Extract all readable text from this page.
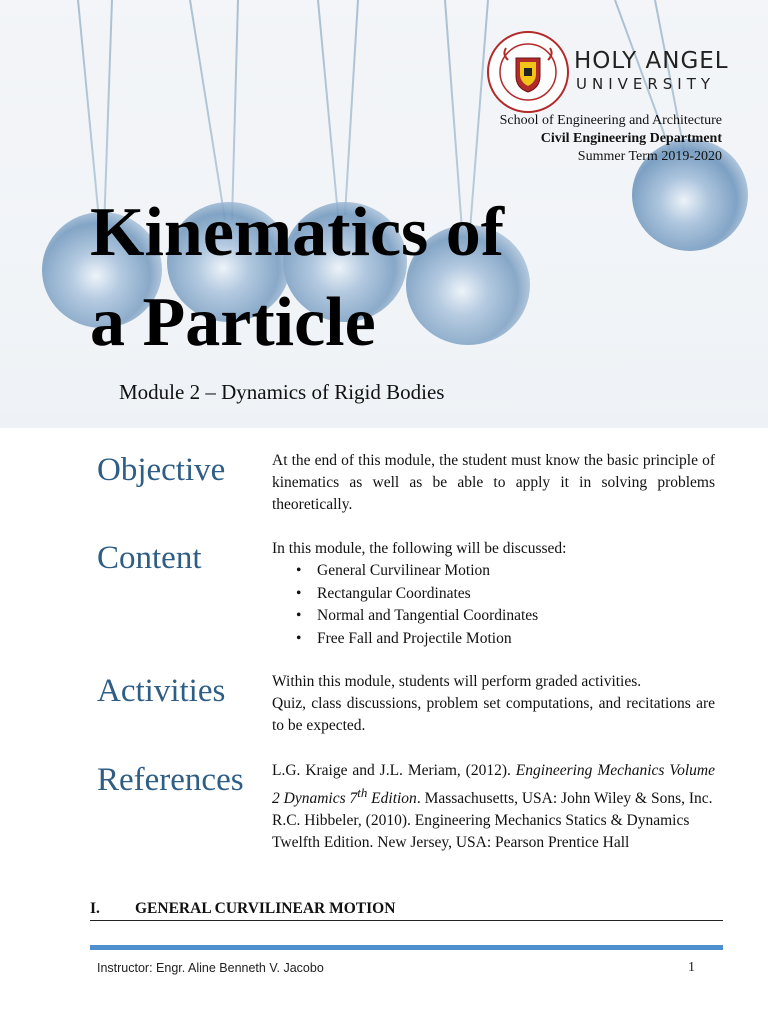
HOLY ANGEL
UNIVERSITY
School of Engineering and Architecture
Civil Engineering Department
Summer Term 2019-2020
Kinematics of
a Particle
Module 2 – Dynamics of Rigid Bodies
Objective	At the end of this module, the student must know the basic principle of kinematics as well as be able to apply it in solving problems theoretically.

Content	In this module, the following will be discussed:

• General Curvilinear Motion
• Rectangular Coordinates
• Normal and Tangential Coordinates
• Free Fall and Projectile Motion
Activities	Within this module, students will perform graded activities.

Quiz, class discussions, problem set computations, and recitations are to be expected.

References L.G. Kraige and J.L. Meriam, (2012). Engineering Mechanics Volume 2 Dynamics 7th Edition. Massachusetts, USA: John Wiley & Sons, Inc.

R.C. Hibbeler, (2010). Engineering Mechanics Statics & Dynamics Twelfth Edition. New Jersey, USA: Pearson Prentice Hall

I. GENERAL CURVILINEAR MOTION
Instructor: Engr. Aline Benneth V. Jacobo	1
